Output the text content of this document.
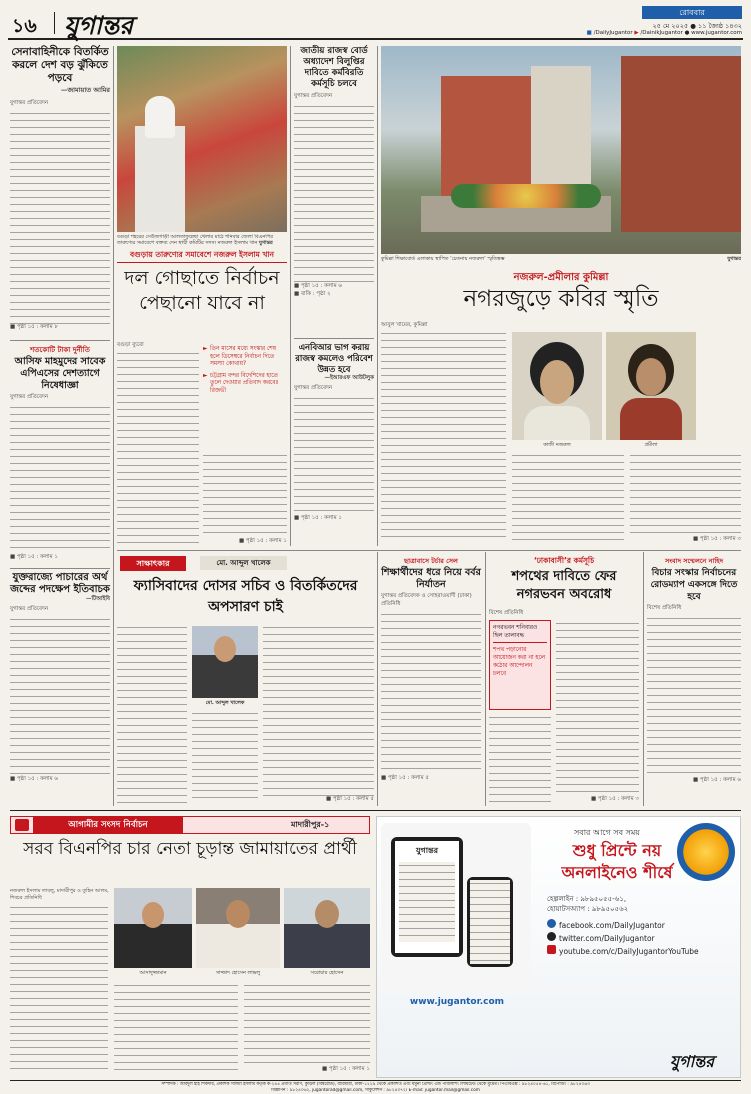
১৬ যুগান্তর	রোববার
২৫ মে ২০২৫ ● ১১ জ্যৈষ্ঠ ১৪৩২
■ /DailyJugantor ▶ /DainikJugantor ● www.jugantor.com
সেনাবাহিনীকে বিতর্কিত করলে দেশ বড় ঝুঁকিতে পড়বে
—জামায়াত আমির
যুগান্তর প্রতিবেদন
■ পৃষ্ঠা ১৫ : কলাম ৮
শতকোটি টাকা দুর্নীতি
আসিফ মাহমুদের সাবেক এপিএসের দেশত্যাগে নিষেধাজ্ঞা
যুগান্তর প্রতিবেদন
■ পৃষ্ঠা ১৫ : কলাম ১
যুক্তরাজ্যে পাচারের অর্থ জব্দের পদক্ষেপ ইতিবাচক
—টিআইবি
যুগান্তর প্রতিবেদন
■ পৃষ্ঠা ১৫ : কলাম ৬
বগুড়া শহরের সেউজগাড়ী আলতাফুন্নেছা খেলার মাঠে শনিবার জেলা বিএনপির তারুণ্যের সমাবেশে বক্তব্য দেন স্থায়ী কমিটির সদস্য নজরুল ইসলাম খান যুগান্তর
বগুড়ায় তারুণ্যের সমাবেশে নজরুল ইসলাম খান
দল গোছাতে নির্বাচন পেছানো যাবে না
বগুড়া ব্যুরো
► তিন মাসের মধ্যে সংস্কার শেষ হলে ডিসেম্বরে নির্বাচন দিতে সমস্যা কোথায়?
► চট্টগ্রাম বন্দর বিদেশিদের হাতে তুলে দেওয়ার প্রতিবাদ করবেঃ রিজভী
■ পৃষ্ঠা ১৫ : কলাম ১
জাতীয় রাজস্ব বোর্ড অধ্যাদেশ বিলুপ্তির দাবিতে কর্মবিরতি কর্মসূচি চলবে
যুগান্তর প্রতিবেদন
■ পৃষ্ঠা ১৫ : কলাম ৬
■ বাকি : পৃষ্ঠা ২
এনবিআর ভাগ করায় রাজস্ব কমলেও পরিবেশ উন্নত হবে
—ইআরএফ আউটলুক
যুগান্তর প্রতিবেদন
■ পৃষ্ঠা ১৫ : কলাম ১
কুমিল্লা শিক্ষাবোর্ড এলাকায় স্থাপিত ‘চেতনায় নজরুল’ স্মৃতিস্তম্ভ	যুগান্তর
নজরুল-প্রমীলার কুমিল্লা
নগরজুড়ে কবির স্মৃতি
আবুল খায়ের, কুমিল্লা
কাজী নজরুল	প্রমীলা
■ পৃষ্ঠা ১৫ : কলাম ৩
সাক্ষাৎকার	মো. আব্দুল খালেক
ফ্যাসিবাদের দোসর সচিব ও বিতর্কিতদের অপসারণ চাই
মো. আব্দুল খালেক
■ পৃষ্ঠা ১৫ : কলাম ৫
ছাত্রাবাসে টর্চার সেল
শিক্ষার্থীদের ধরে নিয়ে বর্বর নির্যাতন
যুগান্তর প্রতিবেদক ও সোহরাওয়ার্দী (ঢাকা) প্রতিনিধি
■ পৃষ্ঠা ১৫ : কলাম ৫
‘ঢাকাবাসী’র কর্মসূচি
শপথের দাবিতে ফের নগরভবন অবরোধ
বিশেষ প্রতিনিধি
নগরভবন শনিবারও ছিল তালাবদ্ধ
শপথ পড়ানোর আয়োজন করা না হলে কঠোর আন্দোলন চলবে
■ পৃষ্ঠা ১৫ : কলাম ৩
সংবাদ সম্মেলনে নাহিদ
বিচার সংস্কার নির্বাচনের রোডম্যাপ একসঙ্গে দিতে হবে
বিশেষ প্রতিনিধি
■ পৃষ্ঠা ১৫ : কলাম ৬
আগামীর সংসদ নির্বাচন	মাদারীপুর-১
সরব বিএনপির চার নেতা চূড়ান্ত জামায়াতের প্রার্থী
নজরুল ইসলাম লাবলু, মাদারীপুর ও তুহিন আলম, শিবচর প্রতিনিধি
আসাদুজ্জামান	সাজ্জাদ হোসেন লাভলু	সরোয়ার হোসেন
■ পৃষ্ঠা ১৫ : কলাম ১
যুগান্তর
www.jugantor.com
সবার আগে সব সময়
শুধু প্রিন্টে নয়
অনলাইনেও শীর্ষে
হেল্পলাইন : ৯৮৯৫০৫৫-৬১,
হোয়াটসঅ্যাপ : ৯৮৯৫০৫৬২
facebook.com/DailyJugantor
twitter.com/DailyJugantor
youtube.com/c/DailyJugantorYouTube
যুগান্তর
সম্পাদক : আবদুল হাই শিকদার, প্রকাশক সালমা ইসলাম কর্তৃক ক-২৪৪ প্রগতি সরণি, কুড়িল (বিশ্বরোড), বারিধারা, ঢাকা-১২২৯ থেকে প্রকাশিত এবং যমুনা প্রিন্টিং এন্ড পাবলিশিং লিমিটেড থেকে মুদ্রিত। পিএবিএক্স : ৯৮২৪০৫৪-৬১, রিপোর্টিং : ৯৮২৪০৬৩
বিজ্ঞাপন : ৯৮২৪০৬২, jugantorad@gmail.com, সার্কুলেশন : ৯৮২৪০৭২। E-mail: jugantor.mail@gmail.com
